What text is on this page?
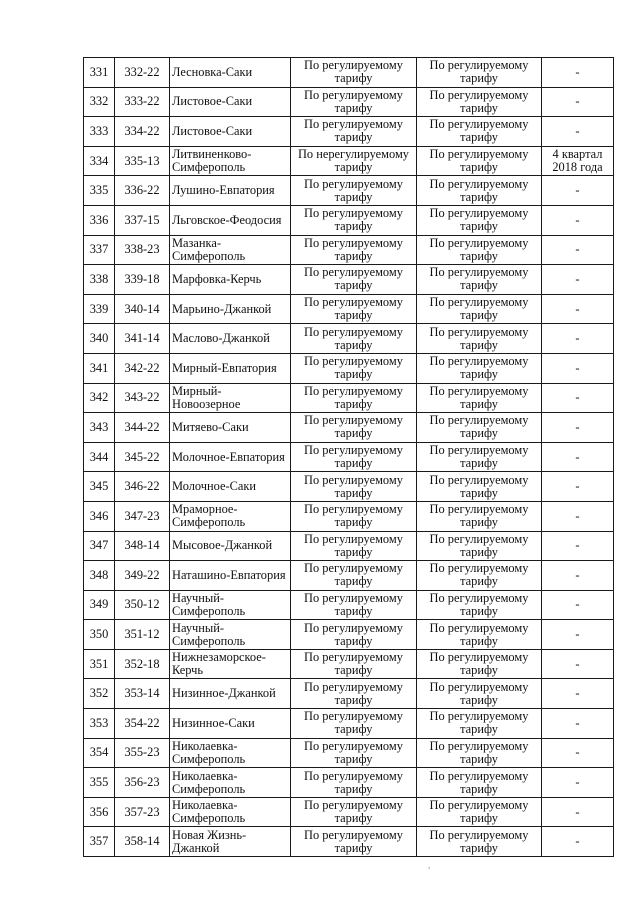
331	332-22	Лесновка-Саки	По регулируемому тарифу	По регулируемому тарифу	-
332	333-22	Листовое-Саки	По регулируемому тарифу	По регулируемому тарифу	-
333	334-22	Листовое-Саки	По регулируемому тарифу	По регулируемому тарифу	-
334	335-13	Литвиненково-Симферополь	По нерегулируемому тарифу	По регулируемому тарифу	4 квартал 2018 года
335	336-22	Лушино-Евпатория	По регулируемому тарифу	По регулируемому тарифу	-
336	337-15	Льговское-Феодосия	По регулируемому тарифу	По регулируемому тарифу	-
337	338-23	Мазанка-Симферополь	По регулируемому тарифу	По регулируемому тарифу	-
338	339-18	Марфовка-Керчь	По регулируемому тарифу	По регулируемому тарифу	-
339	340-14	Марьино-Джанкой	По регулируемому тарифу	По регулируемому тарифу	-
340	341-14	Маслово-Джанкой	По регулируемому тарифу	По регулируемому тарифу	-
341	342-22	Мирный-Евпатория	По регулируемому тарифу	По регулируемому тарифу	-
342	343-22	Мирный-Новоозерное	По регулируемому тарифу	По регулируемому тарифу	-
343	344-22	Митяево-Саки	По регулируемому тарифу	По регулируемому тарифу	-
344	345-22	Молочное-Евпатория	По регулируемому тарифу	По регулируемому тарифу	-
345	346-22	Молочное-Саки	По регулируемому тарифу	По регулируемому тарифу	-
346	347-23	Мраморное-Симферополь	По регулируемому тарифу	По регулируемому тарифу	-
347	348-14	Мысовое-Джанкой	По регулируемому тарифу	По регулируемому тарифу	-
348	349-22	Наташино-Евпатория	По регулируемому тарифу	По регулируемому тарифу	-
349	350-12	Научный-Симферополь	По регулируемому тарифу	По регулируемому тарифу	-
350	351-12	Научный-Симферополь	По регулируемому тарифу	По регулируемому тарифу	-
351	352-18	Нижнезаморское-Керчь	По регулируемому тарифу	По регулируемому тарифу	-
352	353-14	Низинное-Джанкой	По регулируемому тарифу	По регулируемому тарифу	-
353	354-22	Низинное-Саки	По регулируемому тарифу	По регулируемому тарифу	-
354	355-23	Николаевка-Симферополь	По регулируемому тарифу	По регулируемому тарифу	-
355	356-23	Николаевка-Симферополь	По регулируемому тарифу	По регулируемому тарифу	-
356	357-23	Николаевка-Симферополь	По регулируемому тарифу	По регулируемому тарифу	-
357	358-14	Новая Жизнь-Джанкой	По регулируемому тарифу	По регулируемому тарифу	-
,
